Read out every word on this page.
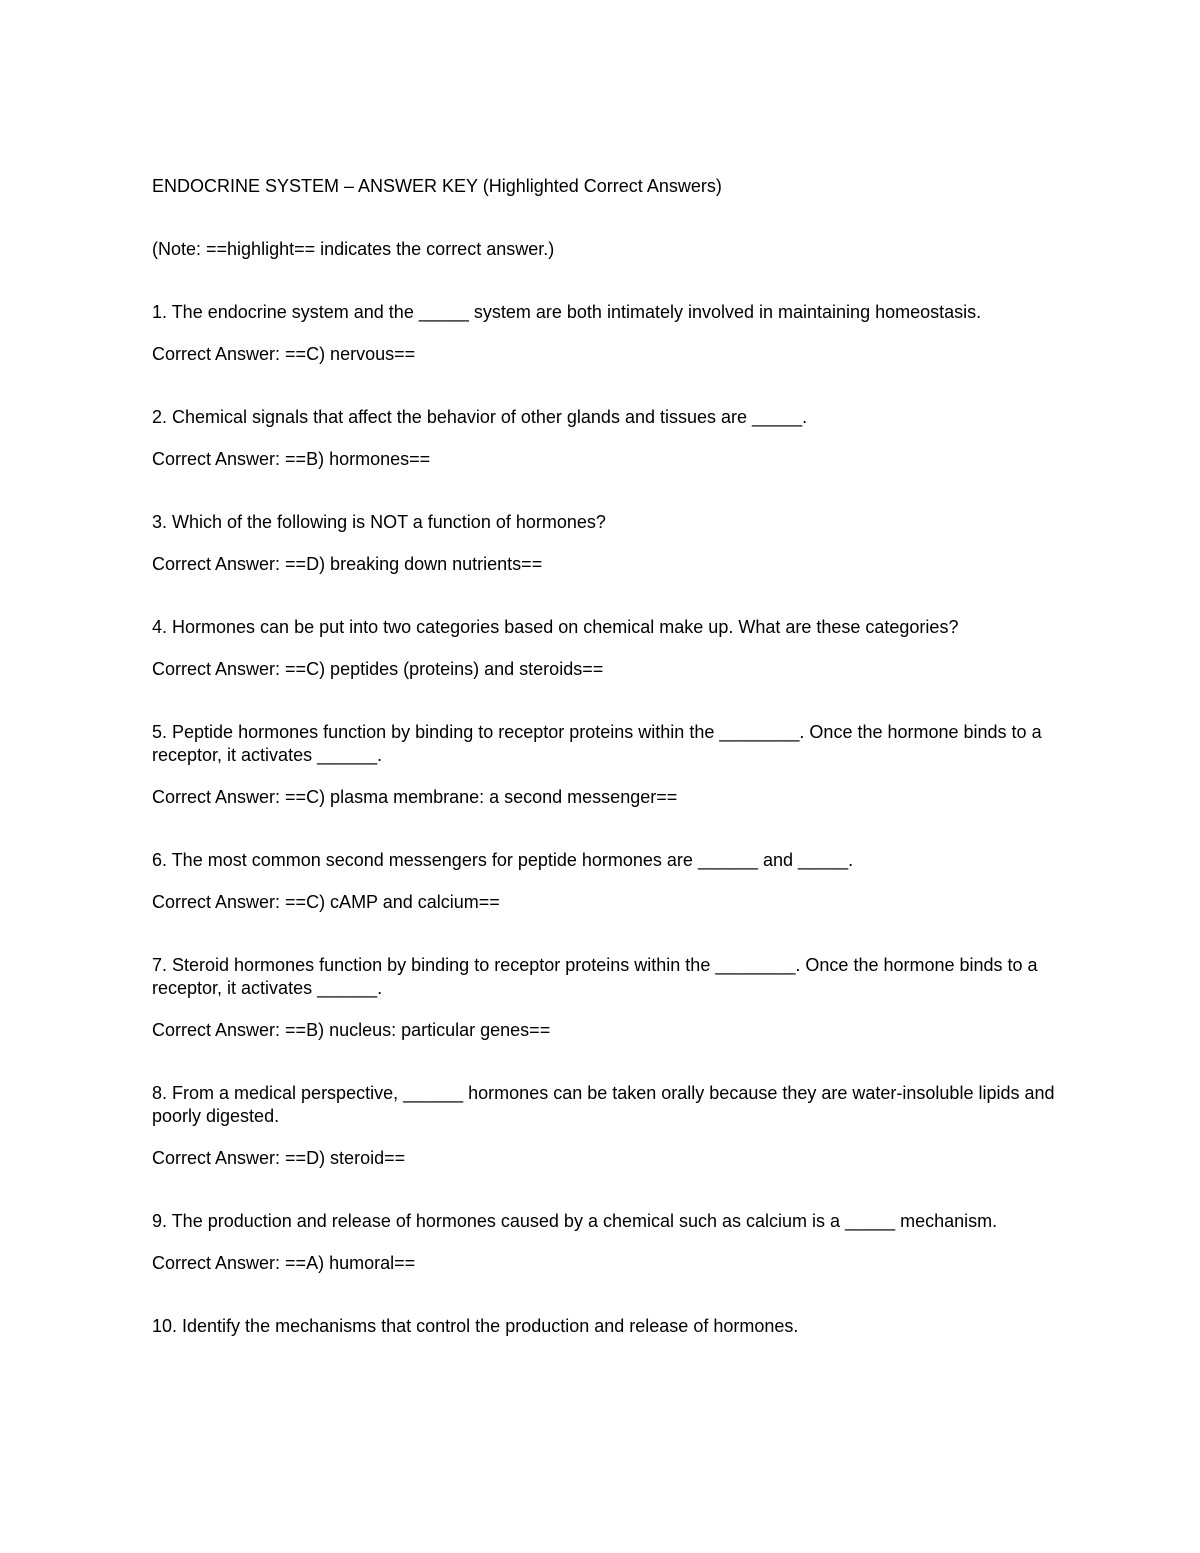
ENDOCRINE SYSTEM – ANSWER KEY (Highlighted Correct Answers)

(Note: ==highlight== indicates the correct answer.)

1. The endocrine system and the _____ system are both intimately involved in maintaining homeostasis.

Correct Answer: ==C) nervous==

2. Chemical signals that affect the behavior of other glands and tissues are _____.

Correct Answer: ==B) hormones==

3. Which of the following is NOT a function of hormones?

Correct Answer: ==D) breaking down nutrients==

4. Hormones can be put into two categories based on chemical make up. What are these categories?

Correct Answer: ==C) peptides (proteins) and steroids==

5. Peptide hormones function by binding to receptor proteins within the ________. Once the hormone binds to a receptor, it activates ______.

Correct Answer: ==C) plasma membrane: a second messenger==

6. The most common second messengers for peptide hormones are ______ and _____.

Correct Answer: ==C) cAMP and calcium==

7. Steroid hormones function by binding to receptor proteins within the ________. Once the hormone binds to a receptor, it activates ______.

Correct Answer: ==B) nucleus: particular genes==

8. From a medical perspective, ______ hormones can be taken orally because they are water-insoluble lipids and poorly digested.

Correct Answer: ==D) steroid==

9. The production and release of hormones caused by a chemical such as calcium is a _____ mechanism.

Correct Answer: ==A) humoral==

10. Identify the mechanisms that control the production and release of hormones.
